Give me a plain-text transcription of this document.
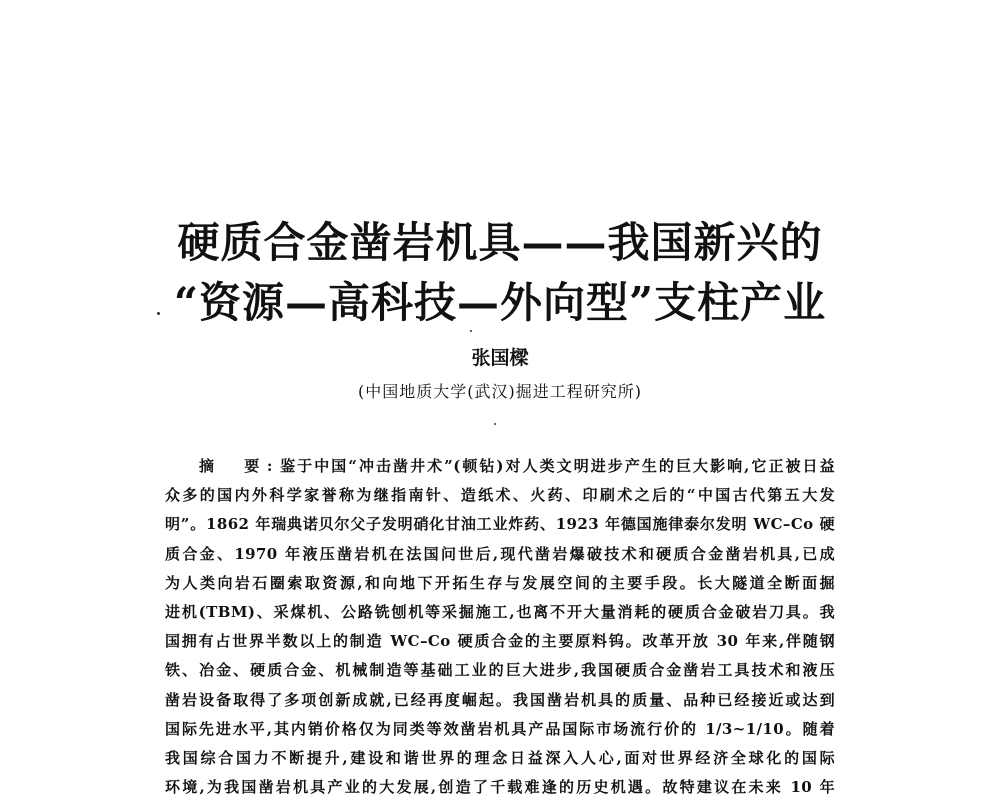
硬质合金凿岩机具——我国新兴的
“资源—高科技—外向型”支柱产业
张国樑
(中国地质大学(武汉)掘进工程研究所)
摘　要:鉴于中国“冲击凿井术”(顿钻)对人类文明进步产生的巨大影响,它正被日益
众多的国内外科学家誉称为继指南针、造纸术、火药、印刷术之后的“中国古代第五大发
明”。1862 年瑞典诺贝尔父子发明硝化甘油工业炸药、1923 年德国施律泰尔发明 WC–Co 硬
质合金、1970 年液压凿岩机在法国问世后,现代凿岩爆破技术和硬质合金凿岩机具,已成
为人类向岩石圈索取资源,和向地下开拓生存与发展空间的主要手段。长大隧道全断面掘
进机(TBM)、采煤机、公路铣刨机等采掘施工,也离不开大量消耗的硬质合金破岩刀具。我
国拥有占世界半数以上的制造 WC–Co 硬质合金的主要原料钨。改革开放 30 年来,伴随钢
铁、冶金、硬质合金、机械制造等基础工业的巨大进步,我国硬质合金凿岩工具技术和液压
凿岩设备取得了多项创新成就,已经再度崛起。我国凿岩机具的质量、品种已经接近或达到
国际先进水平,其内销价格仅为同类等效凿岩机具产品国际市场流行价的 1/3~1/10。随着
我国综合国力不断提升,建设和谐世界的理念日益深入人心,面对世界经济全球化的国际
环境,为我国凿岩机具产业的大发展,创造了千载难逢的历史机遇。故特建议在未来 10 年
